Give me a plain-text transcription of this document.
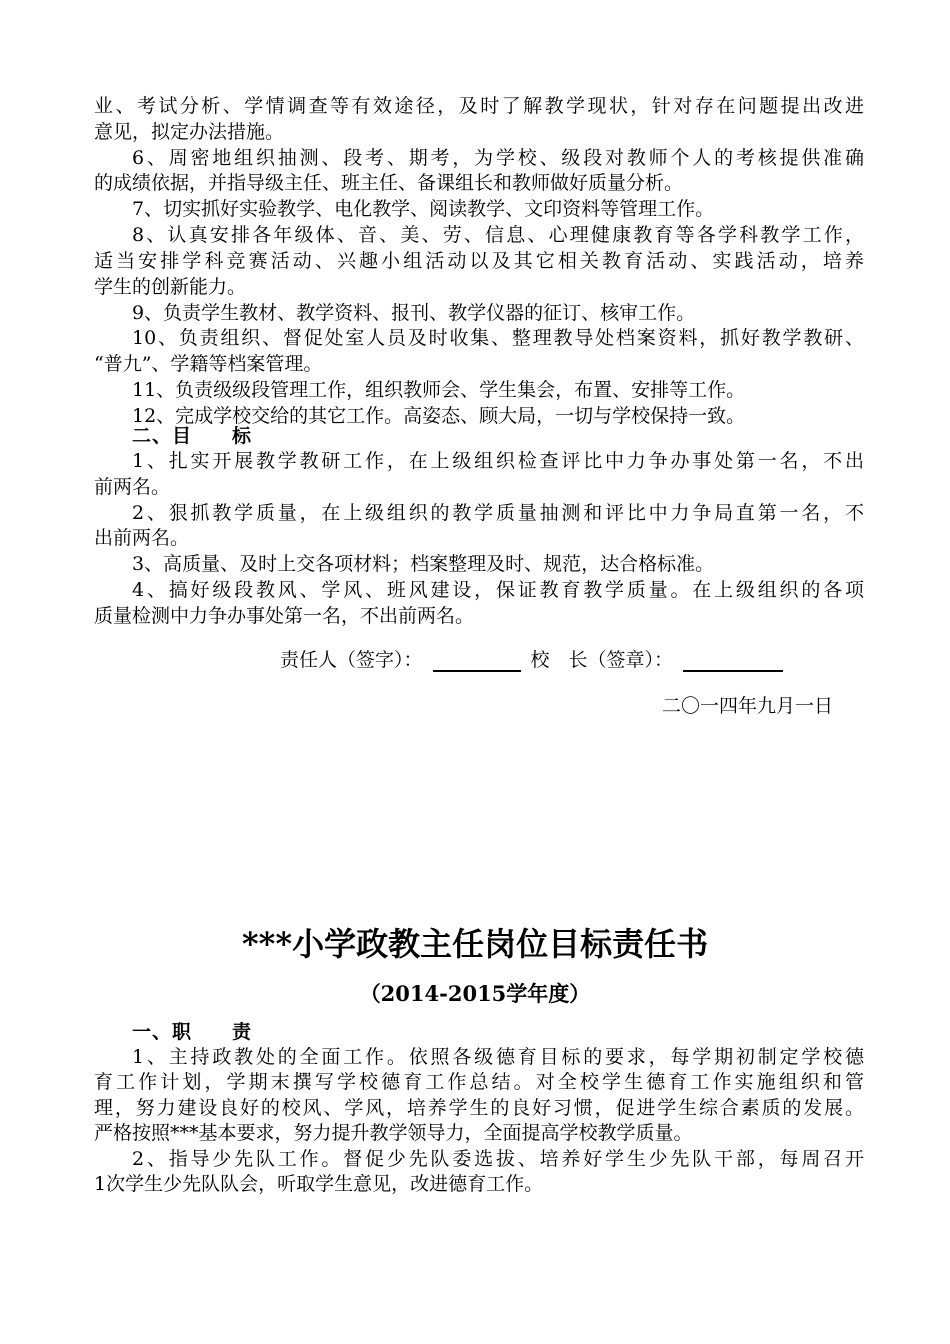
业、考试分析、学情调查等有效途径，及时了解教学现状，针对存在问题提出改进
意见，拟定办法措施。
6、周密地组织抽测、段考、期考，为学校、级段对教师个人的考核提供准确
的成绩依据，并指导级主任、班主任、备课组长和教师做好质量分析。
7、切实抓好实验教学、电化教学、阅读教学、文印资料等管理工作。
8、认真安排各年级体、音、美、劳、信息、心理健康教育等各学科教学工作，
适当安排学科竞赛活动、兴趣小组活动以及其它相关教育活动、实践活动，培养
学生的创新能力。
9、负责学生教材、教学资料、报刊、教学仪器的征订、核审工作。
10、负责组织、督促处室人员及时收集、整理教导处档案资料，抓好教学教研、
“普九”、学籍等档案管理。
11、负责级级段管理工作，组织教师会、学生集会，布置、安排等工作。
12、完成学校交给的其它工作。高姿态、顾大局，一切与学校保持一致。
二、目　　标
1、扎实开展教学教研工作，在上级组织检查评比中力争办事处第一名，不出
前两名。
2、狠抓教学质量，在上级组织的教学质量抽测和评比中力争局直第一名，不
出前两名。
3、高质量、及时上交各项材料；档案整理及时、规范，达合格标准。
4、搞好级段教风、学风、班风建设，保证教育教学质量。在上级组织的各项
质量检测中力争办事处第一名，不出前两名。
责任人（签字）：	校　长（签章）：
二〇一四年九月一日
***小学政教主任岗位目标责任书
（2014-2015学年度）
一、职　　责
1、主持政教处的全面工作。依照各级德育目标的要求，每学期初制定学校德
育工作计划，学期末撰写学校德育工作总结。对全校学生德育工作实施组织和管
理，努力建设良好的校风、学风，培养学生的良好习惯，促进学生综合素质的发展。
严格按照***基本要求，努力提升教学领导力，全面提高学校教学质量。
2、指导少先队工作。督促少先队委选拔、培养好学生少先队干部，每周召开
1次学生少先队队会，听取学生意见，改进德育工作。
